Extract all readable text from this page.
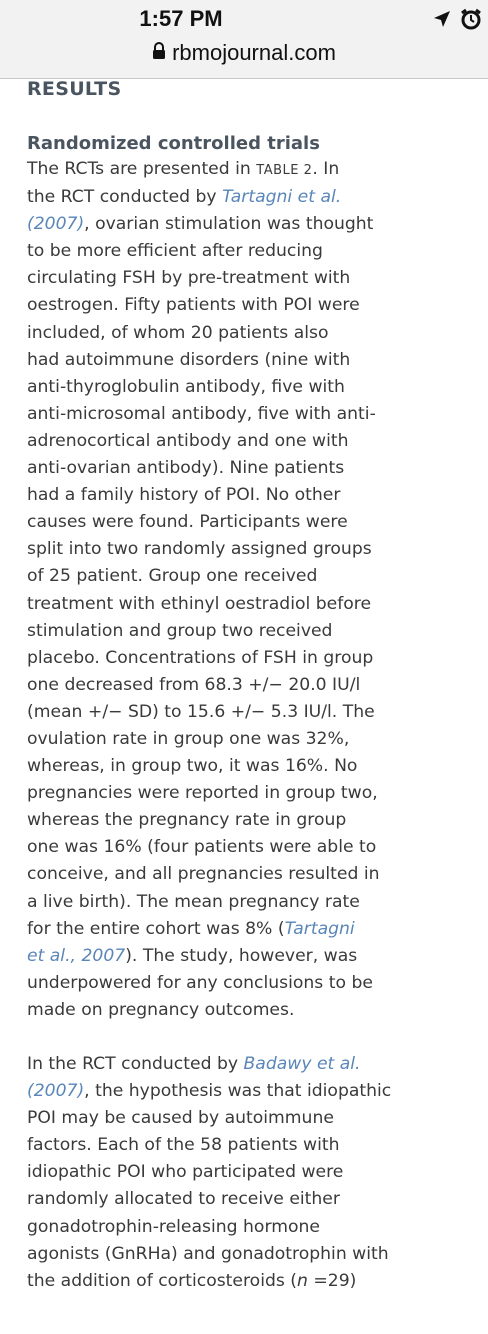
1:57 PM
rbmojournal.com
RESULTS
Randomized controlled trials

The RCTs are presented in TABLE 2. In
the RCT conducted by Tartagni et al.
(2007), ovarian stimulation was thought
to be more efficient after reducing
circulating FSH by pre-treatment with
oestrogen. Fifty patients with POI were
included, of whom 20 patients also
had autoimmune disorders (nine with
anti-thyroglobulin antibody, five with
anti-microsomal antibody, five with anti-
adrenocortical antibody and one with
anti-ovarian antibody). Nine patients
had a family history of POI. No other
causes were found. Participants were
split into two randomly assigned groups
of 25 patient. Group one received
treatment with ethinyl oestradiol before
stimulation and group two received
placebo. Concentrations of FSH in group
one decreased from 68.3 +/− 20.0 IU/l
(mean +/− SD) to 15.6 +/− 5.3 IU/l. The
ovulation rate in group one was 32%,
whereas, in group two, it was 16%. No
pregnancies were reported in group two,
whereas the pregnancy rate in group
one was 16% (four patients were able to
conceive, and all pregnancies resulted in
a live birth). The mean pregnancy rate
for the entire cohort was 8% (Tartagni
et al., 2007). The study, however, was
underpowered for any conclusions to be
made on pregnancy outcomes.

In the RCT conducted by Badawy et al.
(2007), the hypothesis was that idiopathic
POI may be caused by autoimmune
factors. Each of the 58 patients with
idiopathic POI who participated were
randomly allocated to receive either
gonadotrophin-releasing hormone
agonists (GnRHa) and gonadotrophin with
the addition of corticosteroids (n =29)
